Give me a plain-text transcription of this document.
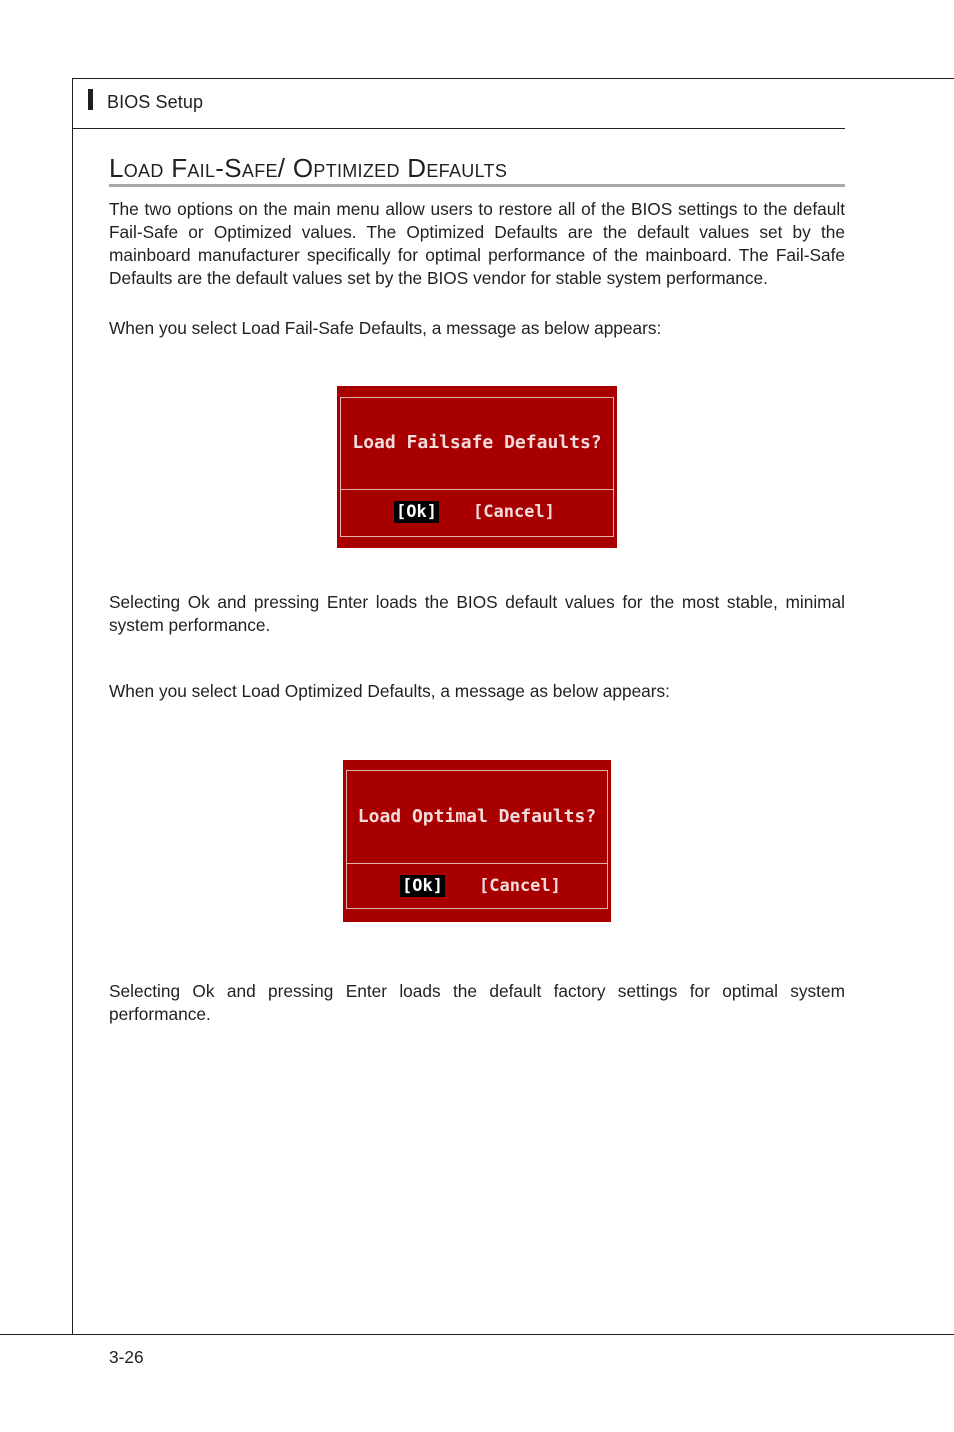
BIOS Setup
Load Fail-Safe/ Optimized Defaults

The two options on the main menu allow users to restore all of the BIOS settings to the default Fail-Safe or Optimized values. The Optimized Defaults are the default values set by the mainboard manufacturer specifically for optimal performance of the mainboard. The Fail-Safe Defaults are the default values set by the BIOS vendor for stable system performance.

When you select Load Fail-Safe Defaults, a message as below appears:

Load Failsafe Defaults?
[Ok] [Cancel]

Selecting Ok and pressing Enter loads the BIOS default values for the most stable, minimal system performance.

When you select Load Optimized Defaults, a message as below appears:

Load Optimal Defaults?
[Ok] [Cancel]

Selecting Ok and pressing Enter loads the default factory settings for optimal system performance.

3-26
